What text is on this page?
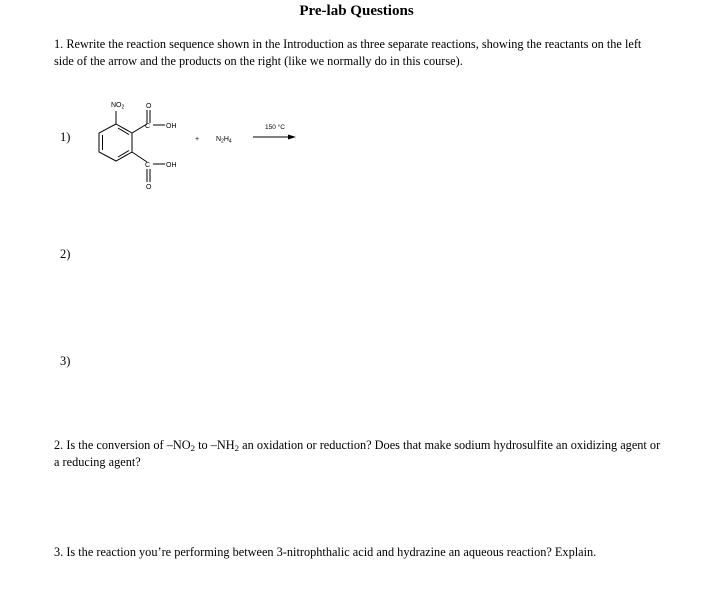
Pre-lab Questions
1. Rewrite the reaction sequence shown in the Introduction as three separate reactions, showing the reactants on the left side of the arrow and the products on the right (like we normally do in this course).
1)
$NO_2$	O
C OH
C OH
O
+ $N_2H_4$
150 °C
2)
3)
2. Is the conversion of $-NO_2$ to $-NH_2$ an oxidation or reduction? Does that make sodium hydrosulfite an oxidizing agent or a reducing agent?
3. Is the reaction you’re performing between 3-nitrophthalic acid and hydrazine an aqueous reaction? Explain.
